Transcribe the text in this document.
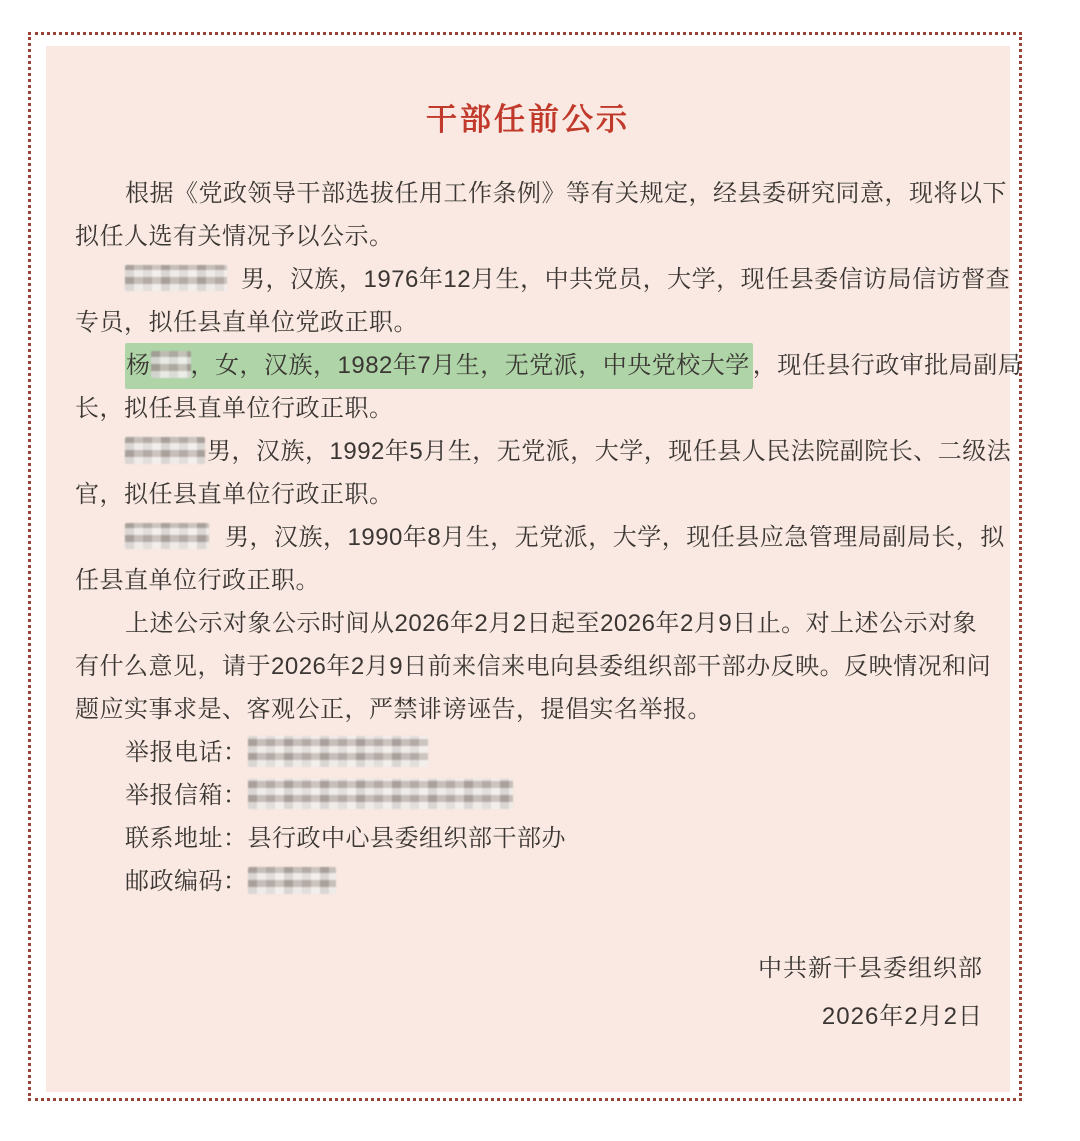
干部任前公示
根据《党政领导干部选拔任用工作条例》等有关规定，经县委研究同意，现将以下
拟任人选有关情况予以公示。
男，汉族，1976年12月生，中共党员，大学，现任县委信访局信访督查
专员，拟任县直单位党政正职。
杨 ，女，汉族，1982年7月生，无党派，中央党校大学 ，现任县行政审批局副局
长，拟任县直单位行政正职。
男，汉族，1992年5月生，无党派，大学，现任县人民法院副院长、二级法
官，拟任县直单位行政正职。
男，汉族，1990年8月生，无党派，大学，现任县应急管理局副局长，拟
任县直单位行政正职。
上述公示对象公示时间从2026年2月2日起至2026年2月9日止。对上述公示对象
有什么意见，请于2026年2月9日前来信来电向县委组织部干部办反映。反映情况和问
题应实事求是、客观公正，严禁诽谤诬告，提倡实名举报。
举报电话：
举报信箱：
联系地址：县行政中心县委组织部干部办
邮政编码：
中共新干县委组织部
2026年2月2日
